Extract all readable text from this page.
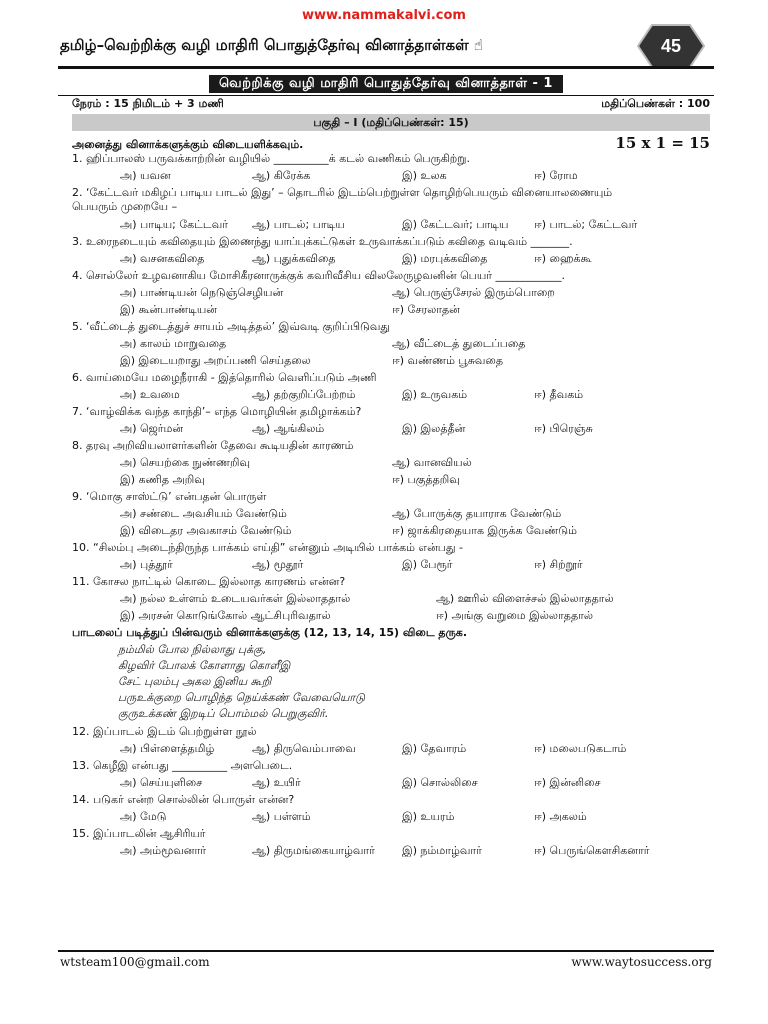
www.nammakalvi.com
தமிழ்–வெற்றிக்கு வழி மாதிரி பொதுத்தேர்வு வினாத்தாள்கள் ☝	45
வெற்றிக்கு வழி மாதிரி பொதுத்தேர்வு வினாத்தாள் - 1
நேரம் : 15 நிமிடம் + 3 மணி	மதிப்பெண்கள் : 100
பகுதி – I (மதிப்பெண்கள்: 15)
அனைத்து வினாக்களுக்கும் விடையளிக்கவும்.	15 x 1 = 15
1. ஹிப்பாலஸ் பருவக்காற்றின் வழியில் __________க் கடல் வணிகம் பெருகிற்று.
அ) யவன	ஆ) கிரேக்க	இ) உலக	ஈ) ரோம
2. ‘கேட்டவர் மகிழப் பாடிய பாடல் இது’ – தொடரில் இடம்பெற்றுள்ள தொழிற்பெயரும் வினையாலணையும் பெயரும் முறையே –
அ) பாடிய; கேட்டவர்	ஆ) பாடல்; பாடிய	இ) கேட்டவர்; பாடிய	ஈ) பாடல்; கேட்டவர்
3. உரைநடையும் கவிதையும் இணைந்து யாப்புக்கட்டுகள் உருவாக்கப்படும் கவிதை வடிவம் _______.
அ) வசனகவிதை	ஆ) புதுக்கவிதை	இ) மரபுக்கவிதை	ஈ) ஹைக்கூ
4. சொல்லேர் உழவனாகிய மோசிகீரனாருக்குக் கவரிவீசிய விலலேருழவனின் பெயர் ____________.
அ) பாண்டியன் நெடுஞ்செழியன்	ஆ) பெருஞ்சேரல் இரும்பொறை
இ) கூன்பாண்டியன்	ஈ) சேரலாதன்
5. ‘வீட்டைத் துடைத்துச் சாயம் அடித்தல்’ இவ்வடி குறிப்பிடுவது
அ) காலம் மாறுவதை	ஆ) வீட்டைத் துடைப்பதை
இ) இடையறாது அறப்பணி செய்தலை	ஈ) வண்ணம் பூசுவதை
6. வாய்மையே மழைநீராகி - இத்தொரில் வெளிப்படும் அணி
அ) உவமை	ஆ) தற்குறிப்பேற்றம்	இ) உருவகம்	ஈ) தீவகம்
7. ‘வாழ்விக்க வந்த காந்தி’– எந்த மொழியின் தமிழாக்கம்?
அ) ஜெர்மன்	ஆ) ஆங்கிலம்	இ) இலத்தீன்	ஈ) பிரெஞ்சு
8. தரவு அறிவியலாளர்களின் தேவை கூடியதின் காரணம்
அ) செயற்கை நுண்ணறிவு	ஆ) வானவியல்
இ) கணித அறிவு	ஈ) பகுத்தறிவு
9. ‘மொகு சாஸ்ட்டு’ என்பதன் பொருள்
அ) சண்டை அவசியம் வேண்டும்	ஆ) போருக்கு தயாராக வேண்டும்
இ) விடைதர அவகாசம் வேண்டும்	ஈ) ஜாக்கிரதையாக இருக்க வேண்டும்
10. “சிலம்பு அடைந்திருந்த பாக்கம் எய்தி” என்னும் அடியில் பாக்கம் என்பது -
அ) புத்தூர்	ஆ) மூதூர்	இ) பேரூர்	ஈ) சிற்றூர்
11. கோசல நாட்டில் கொடை இல்லாத காரணம் என்ன?
அ) நல்ல உள்ளம் உடையவர்கள் இல்லாததால்	ஆ) ஊரில் விளைச்சல் இல்லாததால்
இ) அரசன் கொடுங்கோல் ஆட்சிபுரிவதால்	ஈ) அங்கு வறுமை இல்லாததால்
பாடலைப் படித்துப் பின்வரும் வினாக்களுக்கு (12, 13, 14, 15) விடை தருக.
நம்மில் போல நில்லாது புக்கு,
கிழவிர் போலக் கோளாது கொளீஇ
சேட் புலம்பு அகல இனிய கூறி
பருஉக்குறை பொழிந்த நெய்க்கண் வேவையொடு
குருஉக்கண் இறடிப் பொம்மல் பெறுகுவிர்.
12. இப்பாடல் இடம் பெற்றுள்ள நூல்
அ) பிள்ளைத்தமிழ்	ஆ) திருவெம்பாவை	இ) தேவாரம்	ஈ) மலைபடுகடாம்
13. கெழீஇ என்பது __________ அளபெடை.
அ) செய்யுளிசை	ஆ) உயிர்	இ) சொல்லிசை	ஈ) இன்னிசை
14. படுகர் என்ற சொல்லின் பொருள் என்ன?
அ) மேடு	ஆ) பள்ளம்	இ) உயரம்	ஈ) அகலம்
15. இப்பாடலின் ஆசிரியர்
அ) அம்மூவனார்	ஆ) திருமங்கையாழ்வார்	இ) நம்மாழ்வார்	ஈ) பெருங்கௌசிகனார்
wtsteam100@gmail.com	www.waytosuccess.org
